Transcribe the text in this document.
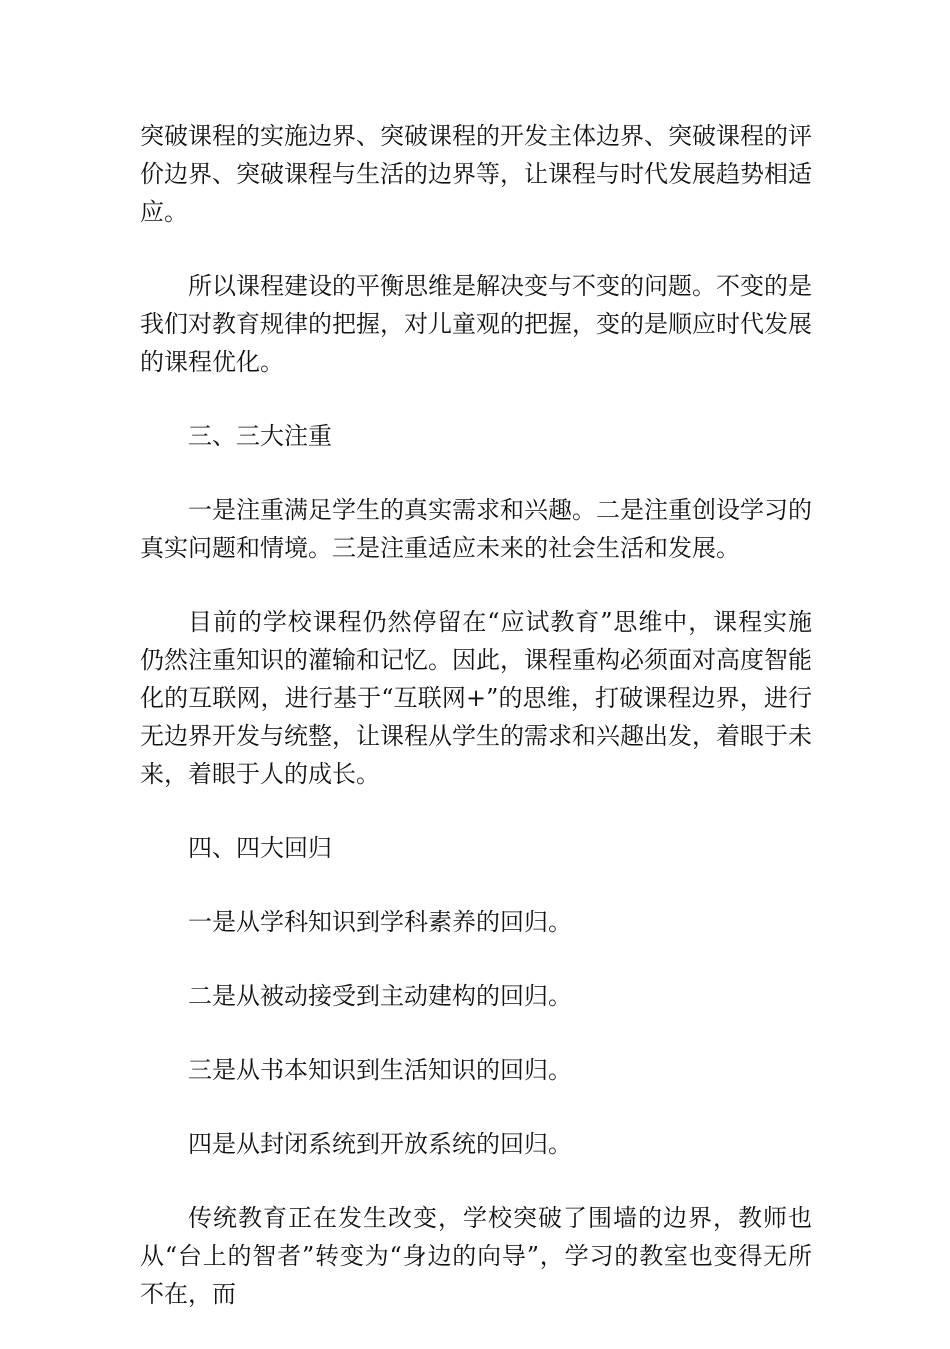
突破课程的实施边界、突破课程的开发主体边界、突破课程的评价边界、突破课程与生活的边界等，让课程与时代发展趋势相适应。

所以课程建设的平衡思维是解决变与不变的问题。不变的是我们对教育规律的把握，对儿童观的把握，变的是顺应时代发展的课程优化。

三、三大注重

一是注重满足学生的真实需求和兴趣。二是注重创设学习的真实问题和情境。三是注重适应未来的社会生活和发展。

目前的学校课程仍然停留在“应试教育”思维中，课程实施仍然注重知识的灌输和记忆。因此，课程重构必须面对高度智能化的互联网，进行基于“互联网+”的思维，打破课程边界，进行无边界开发与统整，让课程从学生的需求和兴趣出发，着眼于未来，着眼于人的成长。

四、四大回归

一是从学科知识到学科素养的回归。

二是从被动接受到主动建构的回归。

三是从书本知识到生活知识的回归。

四是从封闭系统到开放系统的回归。

传统教育正在发生改变，学校突破了围墙的边界，教师也从“台上的智者”转变为“身边的向导”，学习的教室也变得无所不在，而
